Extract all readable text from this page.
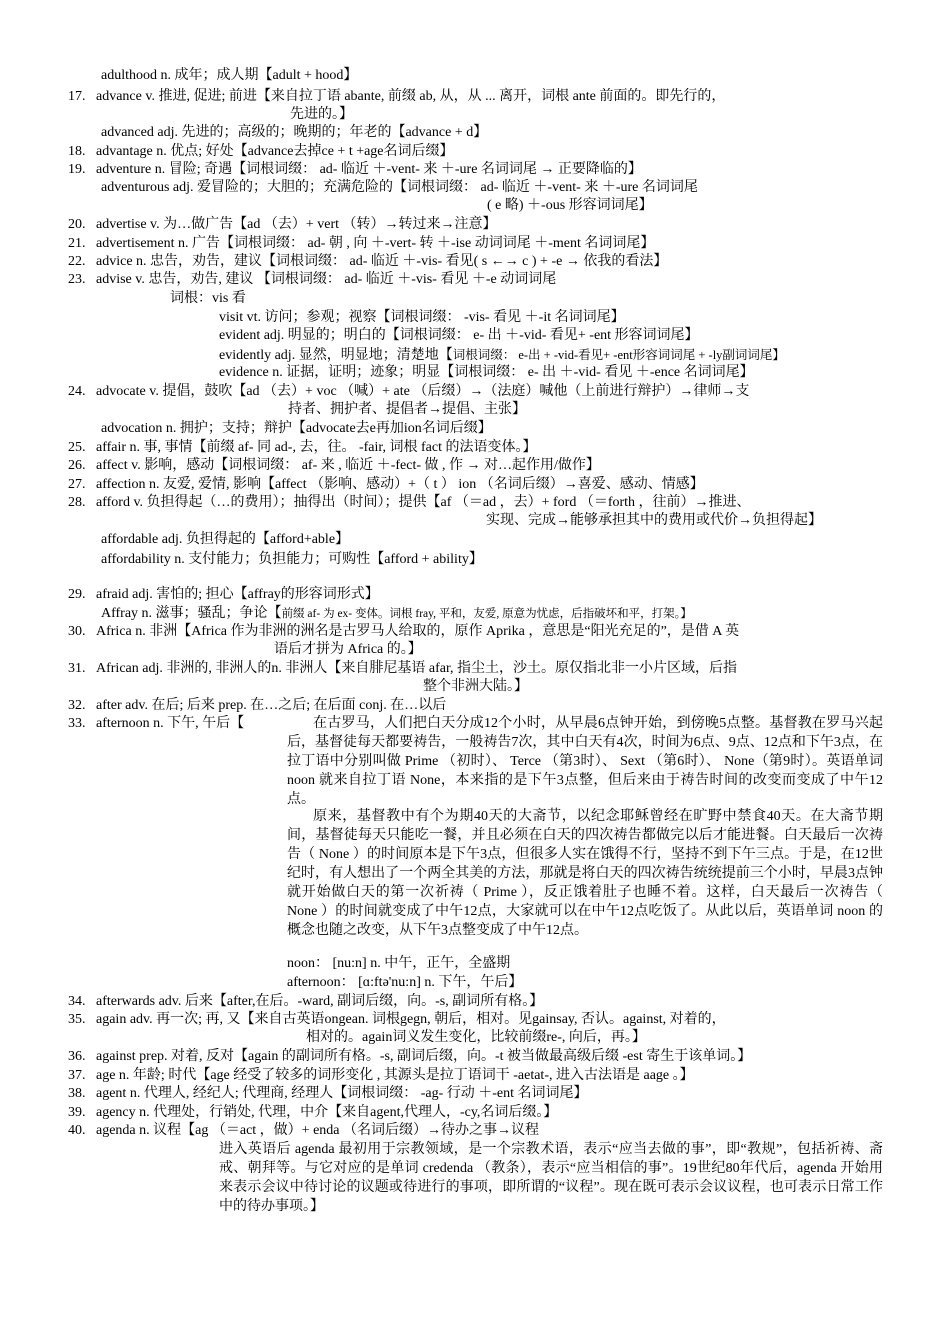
adulthood n. 成年；成人期【adult + hood】
17. advance v. 推进, 促进; 前进【来自拉丁语 abante, 前缀 ab, 从，从 ... 离开，词根 ante 前面的。即先行的，
先进的。】
advanced adj. 先进的；高级的；晚期的；年老的【advance + d】
18. advantage n. 优点; 好处【advance去掉ce + t +age名词后缀】
19. adventure n. 冒险; 奇遇【词根词缀： ad- 临近 ＋-vent- 来 ＋-ure 名词词尾 → 正要降临的】
adventurous adj. 爱冒险的；大胆的；充满危险的【词根词缀： ad- 临近 ＋-vent- 来 ＋-ure 名词词尾
( e 略) ＋-ous 形容词词尾】
20. advertise v. 为…做广告【ad （去）+ vert （转）→转过来→注意】
21. advertisement n. 广告【词根词缀： ad- 朝 , 向 ＋-vert- 转 ＋-ise 动词词尾 ＋-ment 名词词尾】
22. advice n. 忠告，劝告，建议【词根词缀： ad- 临近 ＋-vis- 看见( s ←→ c ) + -e → 依我的看法】
23. advise v. 忠告，劝告, 建议 【词根词缀： ad- 临近 ＋-vis- 看见 ＋-e 动词词尾
词根：vis 看
visit vt. 访问；参观；视察【词根词缀： -vis- 看见 ＋-it 名词词尾】
evident adj. 明显的；明白的【词根词缀： e- 出 ＋-vid- 看见+ -ent 形容词词尾】
evidently adj. 显然，明显地；清楚地【词根词缀： e-出 + -vid-看见+ -ent形容词词尾 + -ly副词词尾】
evidence n. 证据，证明；迹象；明显【词根词缀： e- 出 ＋-vid- 看见 ＋-ence 名词词尾】
24. advocate v. 提倡，鼓吹【ad （去）+ voc （喊）+ ate （后缀）→（法庭）喊他（上前进行辩护）→律师→支
持者、拥护者、提倡者→提倡、主张】
advocation n. 拥护；支持；辩护【advocate去e再加ion名词后缀】
25. affair n. 事, 事情【前缀 af- 同 ad-, 去，往。 -fair, 词根 fact 的法语变体。】
26. affect v. 影响，感动【词根词缀： af- 来 , 临近 ＋-fect- 做 , 作 → 对…起作用/做作】
27. affection n. 友爱, 爱情, 影响【affect （影响、感动）+（ t ） ion （名词后缀）→喜爱、感动、情感】
28. afford v. 负担得起（…的费用）；抽得出（时间）；提供【af （＝ad ，去）+ ford （＝forth ，往前）→推进、
实现、完成→能够承担其中的费用或代价→负担得起】
affordable adj. 负担得起的【afford+able】
affordability n. 支付能力；负担能力；可购性【afford + ability】
29. afraid adj. 害怕的; 担心【affray的形容词形式】
Affray n. 滋事；骚乱；争论【前缀 af- 为 ex- 变体。词根 fray, 平和，友爱, 原意为忧虑，后指破坏和平，打架。】
30. Africa n. 非洲【Africa 作为非洲的洲名是古罗马人给取的，原作 Aprika ，意思是“阳光充足的”，是借 A 英
语后才拼为 Africa 的。】
31. African adj. 非洲的, 非洲人的n. 非洲人【来自腓尼基语 afar, 指尘土，沙土。原仅指北非一小片区域，后指
整个非洲大陆。】
32. after adv. 在后; 后来 prep. 在…之后; 在后面 conj. 在…以后
33. afternoon n. 下午, 午后【	在古罗马，人们把白天分成12个小时，从早晨6点钟开始，到傍晚5点整。基督教在罗马兴起后，基督徒每天都要祷告，一般祷告7次，其中白天有4次，时间为6点、9点、12点和下午3点，在拉丁语中分别叫做 Prime （初时）、 Terce （第3时）、 Sext （第6时）、 None（第9时）。英语单词 noon 就来自拉丁语 None，本来指的是下午3点整，但后来由于祷告时间的改变而变成了中午12点。
原来，基督教中有个为期40天的大斋节，以纪念耶稣曾经在旷野中禁食40天。在大斋节期间，基督徒每天只能吃一餐，并且必须在白天的四次祷告都做完以后才能进餐。白天最后一次祷告（ None ）的时间原本是下午3点，但很多人实在饿得不行，坚持不到下午三点。于是，在12世纪时，有人想出了一个两全其美的方法，那就是将白天的四次祷告统统提前三个小时，早晨3点钟就开始做白天的第一次祈祷（ Prime ），反正饿着肚子也睡不着。这样，白天最后一次祷告（ None ）的时间就变成了中午12点，大家就可以在中午12点吃饭了。从此以后，英语单词 noon 的概念也随之改变，从下午3点整变成了中午12点。
noon： [nu:n] n. 中午，正午，全盛期
afternoon： [ɑ:ftə'nu:n] n. 下午，午后】
34. afterwards adv. 后来【after,在后。-ward, 副词后缀，向。-s, 副词所有格。】
35. again adv. 再一次; 再, 又【来自古英语ongean. 词根gegn, 朝后，相对。见gainsay, 否认。against, 对着的，
相对的。again词义发生变化，比较前缀re-, 向后，再。】
36. against prep. 对着, 反对【again 的副词所有格。-s, 副词后缀，向。-t 被当做最高级后缀 -est 寄生于该单词。】
37. age n. 年龄; 时代【age 经受了较多的词形变化 , 其源头是拉丁语词干 -aetat-, 进入古法语是 aage 。】
38. agent n. 代理人, 经纪人; 代理商, 经理人【词根词缀： -ag- 行动 ＋-ent 名词词尾】
39. agency n. 代理处，行销处, 代理，中介【来自agent,代理人，-cy,名词后缀。】
40. agenda n. 议程【ag （＝act ，做）+ enda （名词后缀）→待办之事→议程
进入英语后 agenda 最初用于宗教领域，是一个宗教术语，表示“应当去做的事”，即“教规”，包括祈祷、斋戒、朝拜等。与它对应的是单词 credenda （教条），表示“应当相信的事”。19世纪80年代后，agenda 开始用来表示会议中待讨论的议题或待进行的事项，即所谓的“议程”。现在既可表示会议议程，也可表示日常工作中的待办事项。】
